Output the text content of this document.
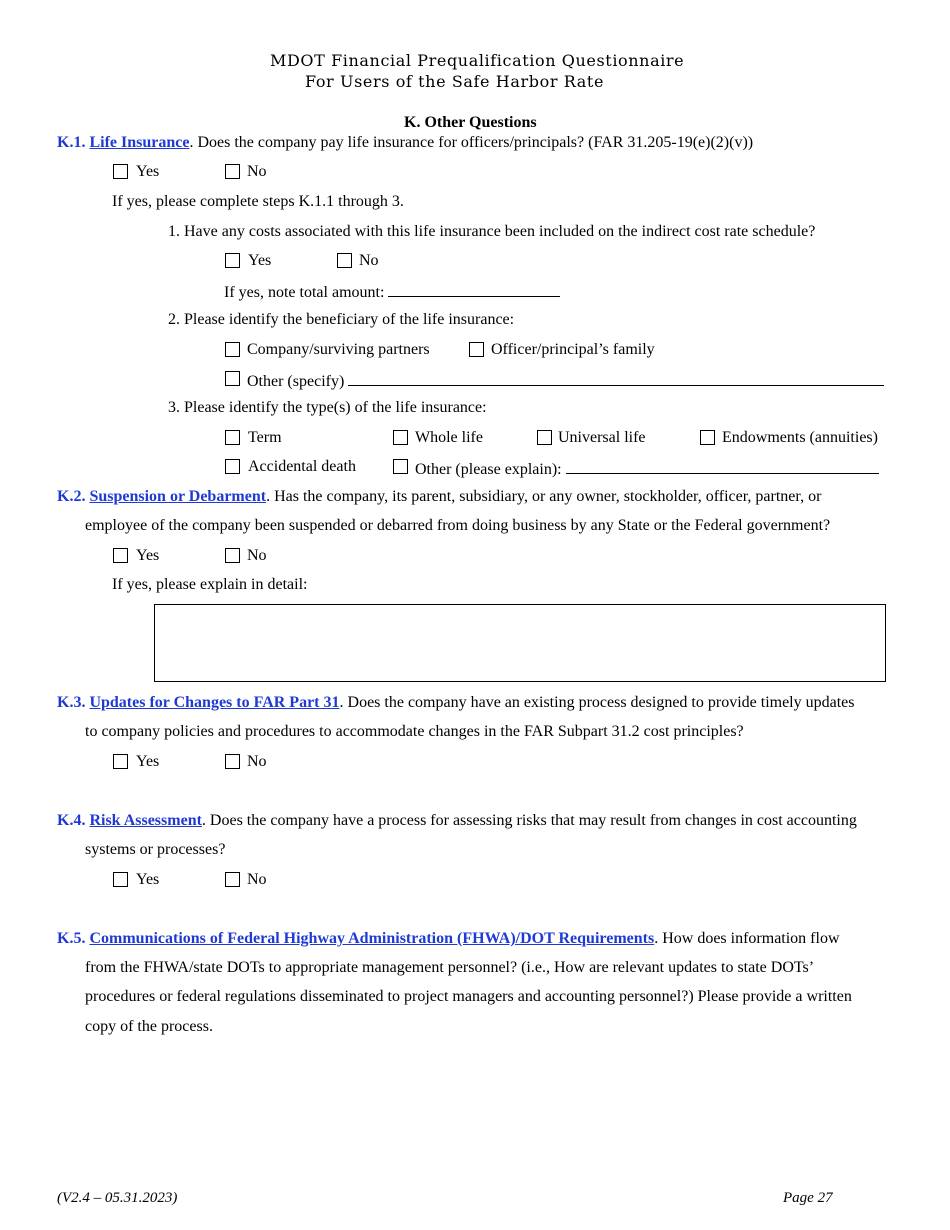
MDOT Financial Prequalification Questionnaire
For Users of the Safe Harbor Rate
K. Other Questions
K.1. Life Insurance. Does the company pay life insurance for officers/principals? (FAR 31.205-19(e)(2)(v))
Yes	No
If yes, please complete steps K.1.1 through 3.
1. Have any costs associated with this life insurance been included on the indirect cost rate schedule?
Yes	No
If yes, note total amount:
2. Please identify the beneficiary of the life insurance:
Company/surviving partners	Officer/principal’s family
Other (specify)
3. Please identify the type(s) of the life insurance:
Term	Whole life	Universal life	Endowments (annuities)
Accidental death	Other (please explain):
K.2. Suspension or Debarment. Has the company, its parent, subsidiary, or any owner, stockholder, officer, partner, or
employee of the company been suspended or debarred from doing business by any State or the Federal government?
Yes	No
If yes, please explain in detail:
K.3. Updates for Changes to FAR Part 31. Does the company have an existing process designed to provide timely updates
to company policies and procedures to accommodate changes in the FAR Subpart 31.2 cost principles?
Yes	No
K.4. Risk Assessment. Does the company have a process for assessing risks that may result from changes in cost accounting
systems or processes?
Yes	No
K.5. Communications of Federal Highway Administration (FHWA)/DOT Requirements. How does information flow
from the FHWA/state DOTs to appropriate management personnel? (i.e., How are relevant updates to state DOTs’
procedures or federal regulations disseminated to project managers and accounting personnel?) Please provide a written
copy of the process.
(V2.4 – 05.31.2023)	Page 27
